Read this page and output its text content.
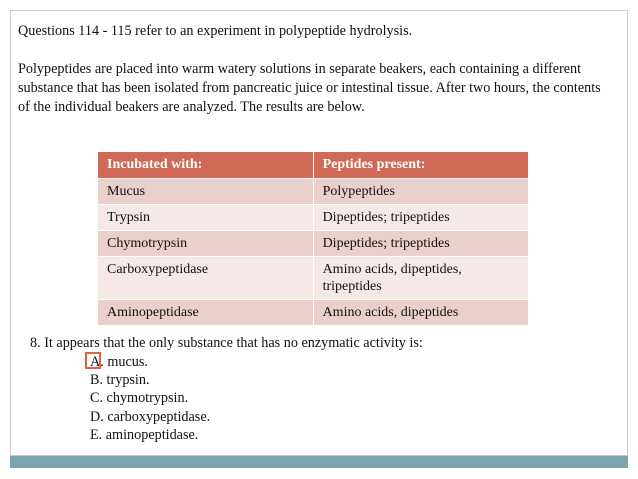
Questions 114 - 115 refer to an experiment in polypeptide hydrolysis.

Polypeptides are placed into warm watery solutions in separate beakers, each containing a different substance that has been isolated from pancreatic juice or intestinal tissue. After two hours, the contents of the individual beakers are analyzed. The results are below.

Incubated with:	Peptides present:
Mucus	Polypeptides
Trypsin	Dipeptides; tripeptides
Chymotrypsin	Dipeptides; tripeptides
Carboxypeptidase	Amino acids, dipeptides, tripeptides
Aminopeptidase	Amino acids, dipeptides
8. It appears that the only substance that has no enzymatic activity is:
A. mucus.
B. trypsin.
C. chymotrypsin.
D. carboxypeptidase.
E. aminopeptidase.
